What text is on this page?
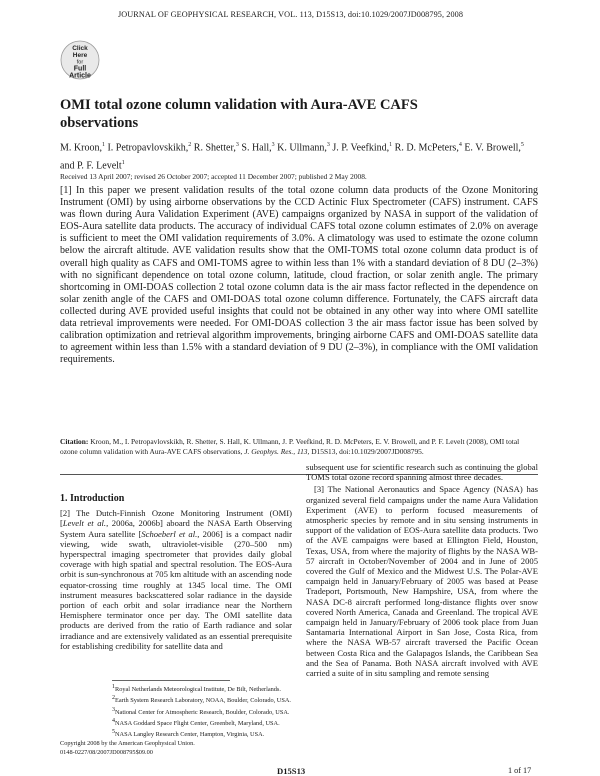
JOURNAL OF GEOPHYSICAL RESEARCH, VOL. 113, D15S13, doi:10.1029/2007JD008795, 2008
Click
Here
for
Full
Article
OMI total ozone column validation with Aura-AVE CAFS observations
M. Kroon,$^1$ I. Petropavlovskikh,$^2$ R. Shetter,$^3$ S. Hall,$^3$ K. Ullmann,$^3$ J. P. Veefkind,$^1$ R. D. McPeters,$^4$ E. V. Browell,$^5$ and P. F. Levelt$^1$
Received 13 April 2007; revised 26 October 2007; accepted 11 December 2007; published 2 May 2008.
[1] In this paper we present validation results of the total ozone column data products of the Ozone Monitoring Instrument (OMI) by using airborne observations by the CCD Actinic Flux Spectrometer (CAFS) instrument. CAFS was flown during Aura Validation Experiment (AVE) campaigns organized by NASA in support of the validation of EOS-Aura satellite data products. The accuracy of individual CAFS total ozone column estimates of 2.0% on average is sufficient to meet the OMI validation requirements of 3.0%. A climatology was used to estimate the ozone column below the aircraft altitude. AVE validation results show that the OMI-TOMS total ozone column data product is of overall high quality as CAFS and OMI-TOMS agree to within less than 1% with a standard deviation of 8 DU (2–3%) with no significant dependence on total ozone column, latitude, cloud fraction, or solar zenith angle. The primary shortcoming in OMI-DOAS collection 2 total ozone column data is the air mass factor reflected in the dependence on solar zenith angle of the CAFS and OMI-DOAS total ozone column difference. Fortunately, the CAFS aircraft data collected during AVE provided useful insights that could not be obtained in any other way into where OMI satellite data retrieval improvements were needed. For OMI-DOAS collection 3 the air mass factor issue has been solved by calibration optimization and retrieval algorithm improvements, bringing airborne CAFS and OMI-DOAS satellite data to agreement within less than 1.5% with a standard deviation of 9 DU (2–3%), in compliance with the OMI validation requirements.
Citation: Kroon, M., I. Petropavlovskikh, R. Shetter, S. Hall, K. Ullmann, J. P. Veefkind, R. D. McPeters, E. V. Browell, and P. F. Levelt (2008), OMI total ozone column validation with Aura-AVE CAFS observations, J. Geophys. Res., 113, D15S13, doi:10.1029/2007JD008795.

1. Introduction

[2] The Dutch-Finnish Ozone Monitoring Instrument (OMI) [Levelt et al., 2006a, 2006b] aboard the NASA Earth Observing System Aura satellite [Schoeberl et al., 2006] is a compact nadir viewing, wide swath, ultraviolet-visible (270–500 nm) hyperspectral imaging spectrometer that provides daily global coverage with high spatial and spectral resolution. The EOS-Aura orbit is sun-synchronous at 705 km altitude with an ascending node equator-crossing time roughly at 1345 local time. The OMI instrument measures backscattered solar radiance in the dayside portion of each orbit and solar irradiance near the Northern Hemisphere terminator once per day. The OMI satellite data products are derived from the ratio of Earth radiance and solar irradiance and are extensively validated as an essential prerequisite for establishing credibility for satellite data and

subsequent use for scientific research such as continuing the global TOMS total ozone record spanning almost three decades.

[3] The National Aeronautics and Space Agency (NASA) has organized several field campaigns under the name Aura Validation Experiment (AVE) to perform focused measurements of atmospheric species by remote and in situ sensing instruments in support of the validation of EOS-Aura satellite data products. Two of the AVE campaigns were based at Ellington Field, Houston, Texas, USA, from where the majority of flights by the NASA WB-57 aircraft in October/November of 2004 and in June of 2005 covered the Gulf of Mexico and the Midwest U.S. The Polar-AVE campaign held in January/February of 2005 was based at Pease Tradeport, Portsmouth, New Hampshire, USA, from where the NASA DC-8 aircraft performed long-distance flights over snow covered North America, Canada and Greenland. The tropical AVE campaign held in January/February of 2006 took place from Juan Santamaria International Airport in San Jose, Costa Rica, from where the NASA WB-57 aircraft traversed the Pacific Ocean between Costa Rica and the Galapagos Islands, the Caribbean Sea and the Sea of Panama. Both NASA aircraft involved with AVE carried a suite of in situ sampling and remote sensing

$^1$Royal Netherlands Meteorological Institute, De Bilt, Netherlands.
$^2$Earth System Research Laboratory, NOAA, Boulder, Colorado, USA.
$^3$National Center for Atmospheric Research, Boulder, Colorado, USA.
$^4$NASA Goddard Space Flight Center, Greenbelt, Maryland, USA.
$^5$NASA Langley Research Center, Hampton, Virginia, USA.
Copyright 2008 by the American Geophysical Union.
0148-0227/08/2007JD008795$09.00
D15S13	1 of 17
